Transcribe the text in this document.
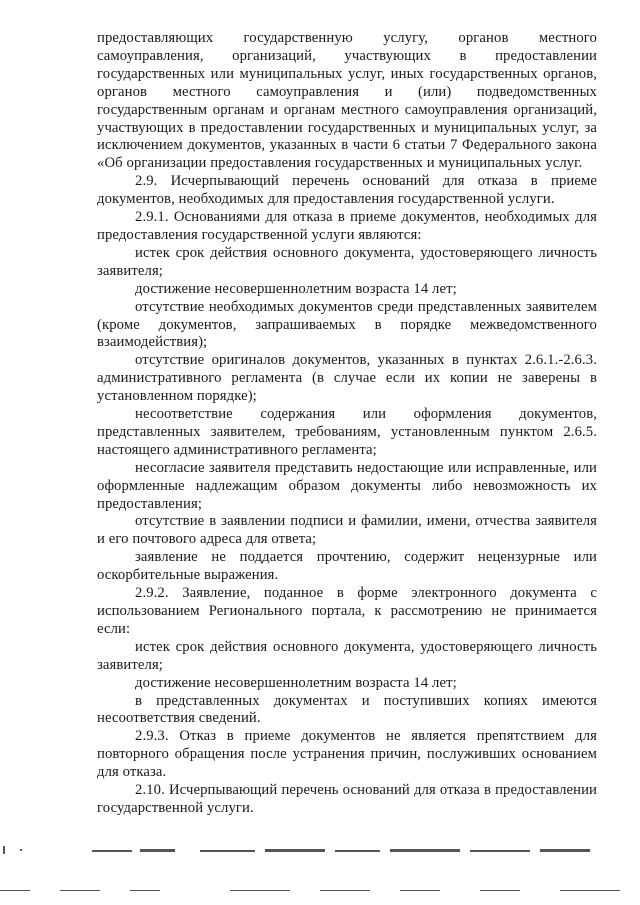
предоставляющих государственную услугу, органов местного самоуправления, организаций, участвующих в предоставлении государственных или муниципальных услуг, иных государственных органов, органов местного самоуправления и (или) подведомственных государственным органам и органам местного самоуправления организаций, участвующих в предоставлении государственных и муниципальных услуг, за исключением документов, указанных в части 6 статьи 7 Федерального закона «Об организации предоставления государственных и муниципальных услуг.

2.9. Исчерпывающий перечень оснований для отказа в приеме документов, необходимых для предоставления государственной услуги.

2.9.1. Основаниями для отказа в приеме документов, необходимых для предоставления государственной услуги являются:

истек срок действия основного документа, удостоверяющего личность заявителя;

достижение несовершеннолетним возраста 14 лет;

отсутствие необходимых документов среди представленных заявителем (кроме документов, запрашиваемых в порядке межведомственного взаимодействия);

отсутствие оригиналов документов, указанных в пунктах 2.6.1.-2.6.3. административного регламента (в случае если их копии не заверены в установленном порядке);

несоответствие содержания или оформления документов, представленных заявителем, требованиям, установленным пунктом 2.6.5. настоящего административного регламента;

несогласие заявителя представить недостающие или исправленные, или оформленные надлежащим образом документы либо невозможность их предоставления;

отсутствие в заявлении подписи и фамилии, имени, отчества заявителя и его почтового адреса для ответа;

заявление не поддается прочтению, содержит нецензурные или оскорбительные выражения.

2.9.2. Заявление, поданное в форме электронного документа с использованием Регионального портала, к рассмотрению не принимается если:

истек срок действия основного документа, удостоверяющего личность заявителя;

достижение несовершеннолетним возраста 14 лет;

в представленных документах и поступивших копиях имеются несоответствия сведений.

2.9.3. Отказ в приеме документов не является препятствием для повторного обращения после устранения причин, послуживших основанием для отказа.

2.10. Исчерпывающий перечень оснований для отказа в предоставлении государственной услуги.
